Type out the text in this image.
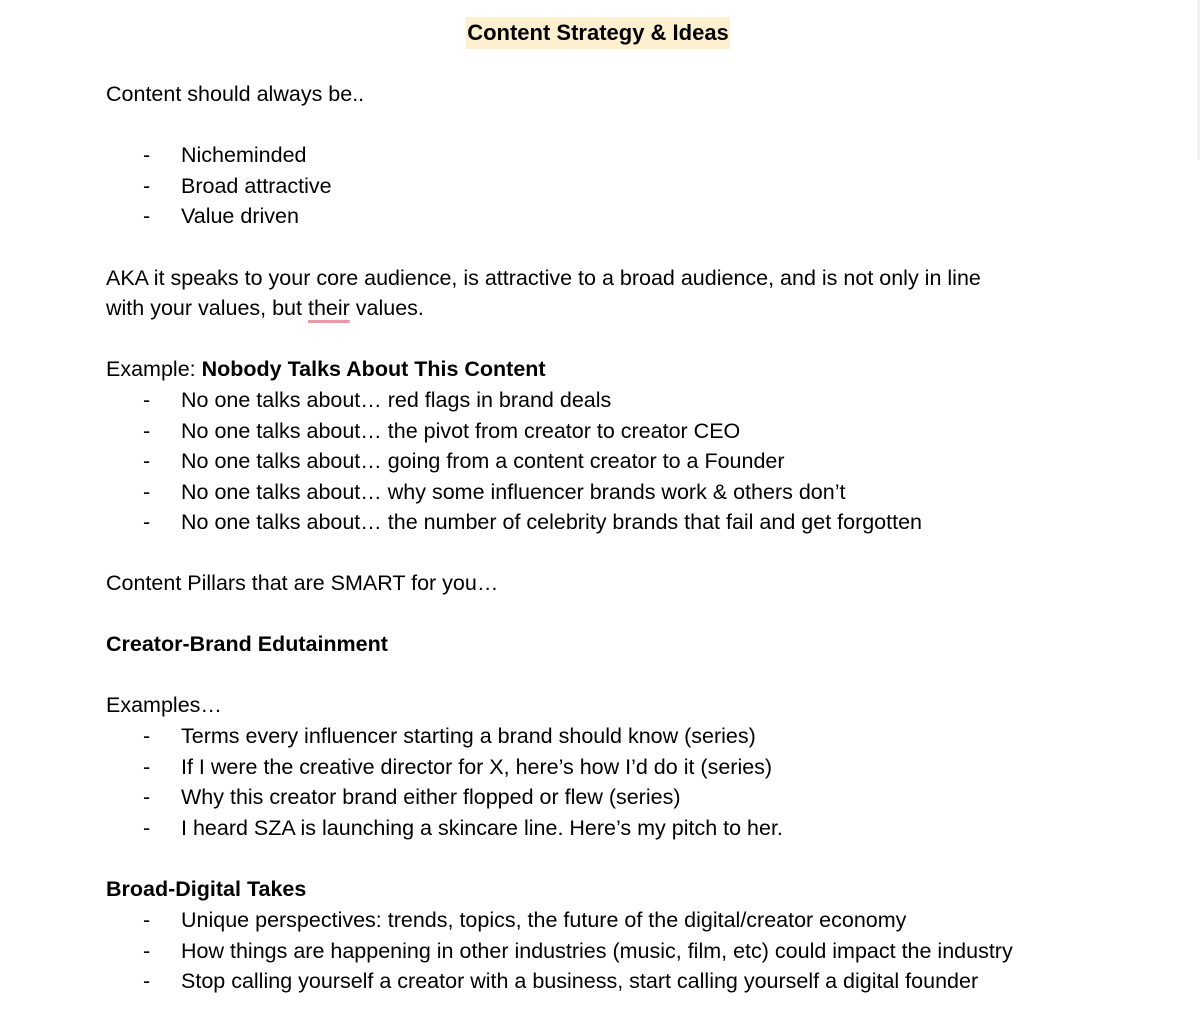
Content Strategy & Ideas
Content should always be..
- Nicheminded
- Broad attractive
- Value driven
AKA it speaks to your core audience, is attractive to a broad audience, and is not only in line
with your values, but their values.
Example: Nobody Talks About This Content
- No one talks about… red flags in brand deals
- No one talks about… the pivot from creator to creator CEO
- No one talks about… going from a content creator to a Founder
- No one talks about… why some influencer brands work & others don’t
- No one talks about… the number of celebrity brands that fail and get forgotten
Content Pillars that are SMART for you…
Creator-Brand Edutainment
Examples…
- Terms every influencer starting a brand should know (series)
- If I were the creative director for X, here’s how I’d do it (series)
- Why this creator brand either flopped or flew (series)
- I heard SZA is launching a skincare line. Here’s my pitch to her.
Broad-Digital Takes
- Unique perspectives: trends, topics, the future of the digital/creator economy
- How things are happening in other industries (music, film, etc) could impact the industry
- Stop calling yourself a creator with a business, start calling yourself a digital founder
